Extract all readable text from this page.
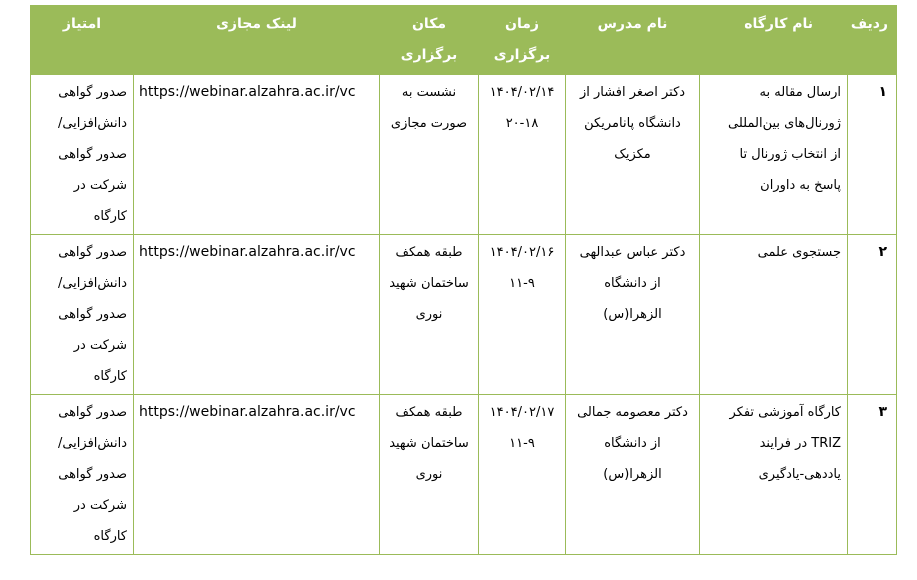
ردیف	نام کارگاه	نام مدرس	زمان
برگزاری	مکان
برگزاری	لینک مجازی	امتیاز

۱	ارسال مقاله به
ژورنال‌های بین‌المللی
از انتخاب ژورنال تا
پاسخ به داوران	دکتر اصغر افشار از
دانشگاه پانامریکن
مکزیک	۱۴۰۴/۰۲/۱۴
۲۰-۱۸	نشست به
صورت مجازی	https://webinar.alzahra.ac.ir/vc	صدور گواهی
دانش‌افزایی/
صدور گواهی
شرکت در
کارگاه

۲	جستجوی علمی	دکتر عباس عبدالهی
از دانشگاه
الزهرا(س)	۱۴۰۴/۰۲/۱۶
۱۱-۹	طبقه همکف
ساختمان شهید
نوری	https://webinar.alzahra.ac.ir/vc	صدور گواهی
دانش‌افزایی/
صدور گواهی
شرکت در
کارگاه

۳	کارگاه آموزشی تفکر
TRIZ در فرایند
یاددهی-یادگیری	دکتر معصومه جمالی
از دانشگاه
الزهرا(س)	۱۴۰۴/۰۲/۱۷
۱۱-۹	طبقه همکف
ساختمان شهید
نوری	https://webinar.alzahra.ac.ir/vc	صدور گواهی
دانش‌افزایی/
صدور گواهی
شرکت در
کارگاه
